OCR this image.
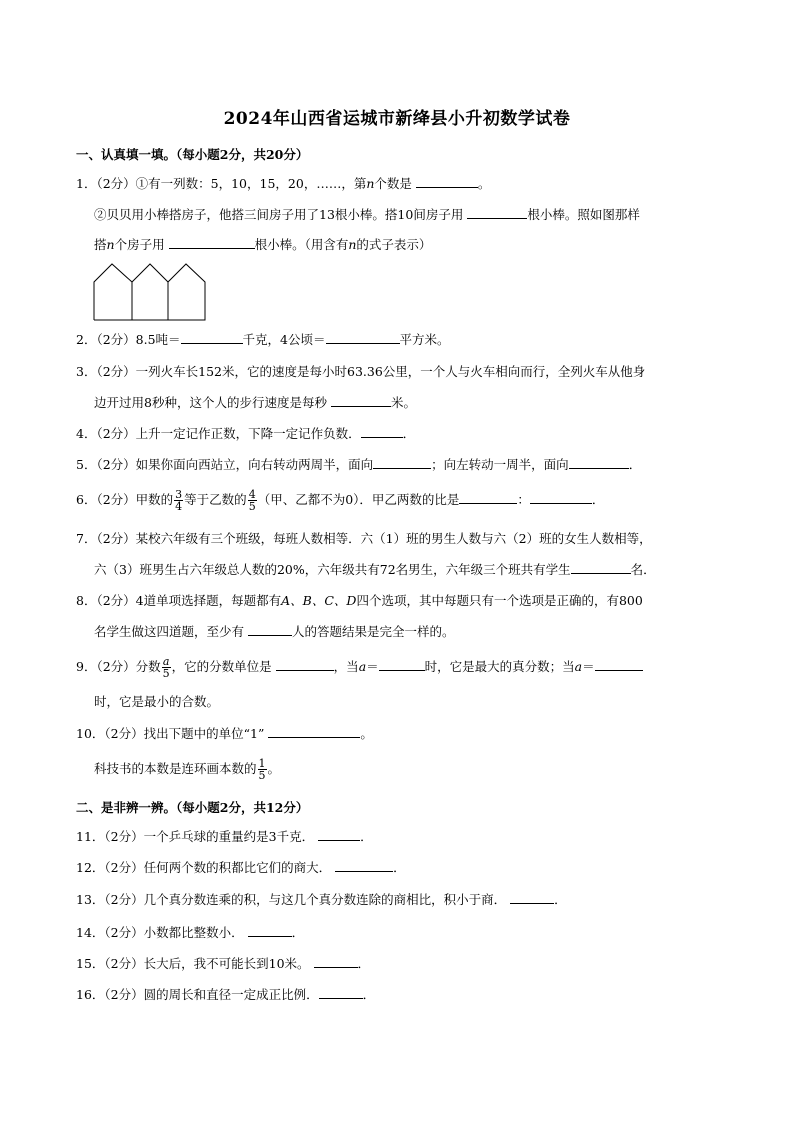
2024年山西省运城市新绛县小升初数学试卷
一、认真填一填。（每小题2分，共20分）
1．（2分）①有一列数：5，10，15，20，……，第n个数是	。
②贝贝用小棒搭房子，他搭三间房子用了13根小棒。搭10间房子用	根小棒。照如图那样
搭n个房子用	根小棒。（用含有n的式子表示）
2．（2分）8.5吨＝	千克，4公顷＝	平方米。
3．（2分）一列火车长152米，它的速度是每小时63.36公里，一个人与火车相向而行，全列火车从他身
边开过用8秒种，这个人的步行速度是每秒	米。
4．（2分）上升一定记作正数，下降一定记作负数．	．
5．（2分）如果你面向西站立，向右转动两周半，面向	；向左转动一周半，面向	．
6．（2分）甲数的 $\frac{3}{4}$ 等于乙数的 $\frac{4}{5}$ （甲、乙都不为0）．甲乙两数的比是	：	．
7．（2分）某校六年级有三个班级，每班人数相等．六（1）班的男生人数与六（2）班的女生人数相等，
六（3）班男生占六年级总人数的20%，六年级共有72名男生，六年级三个班共有学生	名．
8．（2分）4道单项选择题，每题都有A、B、C、D四个选项，其中每题只有一个选项是正确的，有800
名学生做这四道题，至少有	人的答题结果是完全一样的。
9．（2分）分数 $\frac{a}{5}$ ，它的分数单位是	，当a＝	时，它是最大的真分数；当a＝
时，它是最小的合数。
10．（2分）找出下题中的单位“1”	。
科技书的本数是连环画本数的 $\frac{1}{5}$ 。
二、是非辨一辨。（每小题2分，共12分）
11．（2分）一个乒乓球的重量约是3千克．	．
12．（2分）任何两个数的积都比它们的商大．	．
13．（2分）几个真分数连乘的积，与这几个真分数连除的商相比，积小于商．	．
14．（2分）小数都比整数小．	．
15．（2分）长大后，我不可能长到10米。	．
16．（2分）圆的周长和直径一定成正比例．	．
